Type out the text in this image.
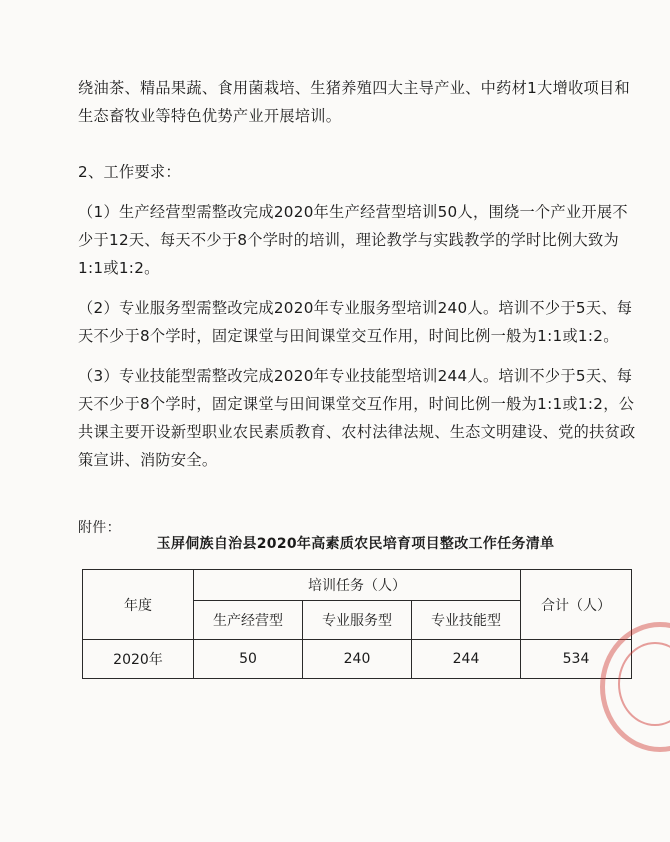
绕油茶、精品果蔬、食用菌栽培、生猪养殖四大主导产业、中药材1大增收项目和生态畜牧业等特色优势产业开展培训。
2、工作要求：
（1）生产经营型需整改完成2020年生产经营型培训50人，围绕一个产业开展不少于12天、每天不少于8个学时的培训，理论教学与实践教学的学时比例大致为1:1或1:2。
（2）专业服务型需整改完成2020年专业服务型培训240人。培训不少于5天、每天不少于8个学时，固定课堂与田间课堂交互作用，时间比例一般为1:1或1:2。
（3）专业技能型需整改完成2020年专业技能型培训244人。培训不少于5天、每天不少于8个学时，固定课堂与田间课堂交互作用，时间比例一般为1:1或1:2，公共课主要开设新型职业农民素质教育、农村法律法规、生态文明建设、党的扶贫政策宣讲、消防安全。
附件：
玉屏侗族自治县2020年高素质农民培育项目整改工作任务清单
年度	培训任务（人）			合计（人）
	生产经营型	专业服务型	专业技能型	
2020年	50	240	244	534
